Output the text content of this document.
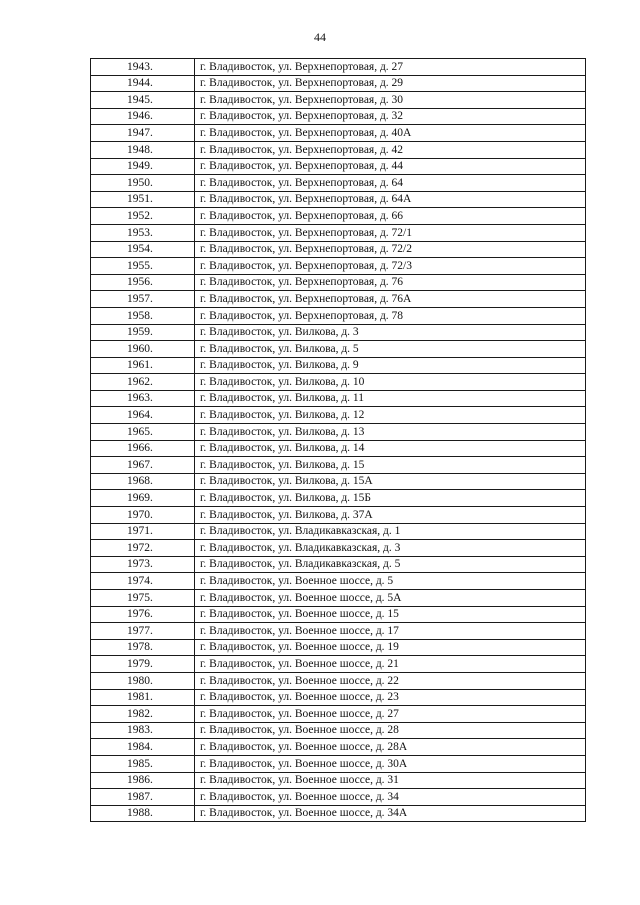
44
1943.	г. Владивосток, ул. Верхнепортовая, д. 27
1944.	г. Владивосток, ул. Верхнепортовая, д. 29
1945.	г. Владивосток, ул. Верхнепортовая, д. 30
1946.	г. Владивосток, ул. Верхнепортовая, д. 32
1947.	г. Владивосток, ул. Верхнепортовая, д. 40А
1948.	г. Владивосток, ул. Верхнепортовая, д. 42
1949.	г. Владивосток, ул. Верхнепортовая, д. 44
1950.	г. Владивосток, ул. Верхнепортовая, д. 64
1951.	г. Владивосток, ул. Верхнепортовая, д. 64А
1952.	г. Владивосток, ул. Верхнепортовая, д. 66
1953.	г. Владивосток, ул. Верхнепортовая, д. 72/1
1954.	г. Владивосток, ул. Верхнепортовая, д. 72/2
1955.	г. Владивосток, ул. Верхнепортовая, д. 72/3
1956.	г. Владивосток, ул. Верхнепортовая, д. 76
1957.	г. Владивосток, ул. Верхнепортовая, д. 76А
1958.	г. Владивосток, ул. Верхнепортовая, д. 78
1959.	г. Владивосток, ул. Вилкова, д. 3
1960.	г. Владивосток, ул. Вилкова, д. 5
1961.	г. Владивосток, ул. Вилкова, д. 9
1962.	г. Владивосток, ул. Вилкова, д. 10
1963.	г. Владивосток, ул. Вилкова, д. 11
1964.	г. Владивосток, ул. Вилкова, д. 12
1965.	г. Владивосток, ул. Вилкова, д. 13
1966.	г. Владивосток, ул. Вилкова, д. 14
1967.	г. Владивосток, ул. Вилкова, д. 15
1968.	г. Владивосток, ул. Вилкова, д. 15А
1969.	г. Владивосток, ул. Вилкова, д. 15Б
1970.	г. Владивосток, ул. Вилкова, д. 37А
1971.	г. Владивосток, ул. Владикавказская, д. 1
1972.	г. Владивосток, ул. Владикавказская, д. 3
1973.	г. Владивосток, ул. Владикавказская, д. 5
1974.	г. Владивосток, ул. Военное шоссе, д. 5
1975.	г. Владивосток, ул. Военное шоссе, д. 5А
1976.	г. Владивосток, ул. Военное шоссе, д. 15
1977.	г. Владивосток, ул. Военное шоссе, д. 17
1978.	г. Владивосток, ул. Военное шоссе, д. 19
1979.	г. Владивосток, ул. Военное шоссе, д. 21
1980.	г. Владивосток, ул. Военное шоссе, д. 22
1981.	г. Владивосток, ул. Военное шоссе, д. 23
1982.	г. Владивосток, ул. Военное шоссе, д. 27
1983.	г. Владивосток, ул. Военное шоссе, д. 28
1984.	г. Владивосток, ул. Военное шоссе, д. 28А
1985.	г. Владивосток, ул. Военное шоссе, д. 30А
1986.	г. Владивосток, ул. Военное шоссе, д. 31
1987.	г. Владивосток, ул. Военное шоссе, д. 34
1988.	г. Владивосток, ул. Военное шоссе, д. 34А
